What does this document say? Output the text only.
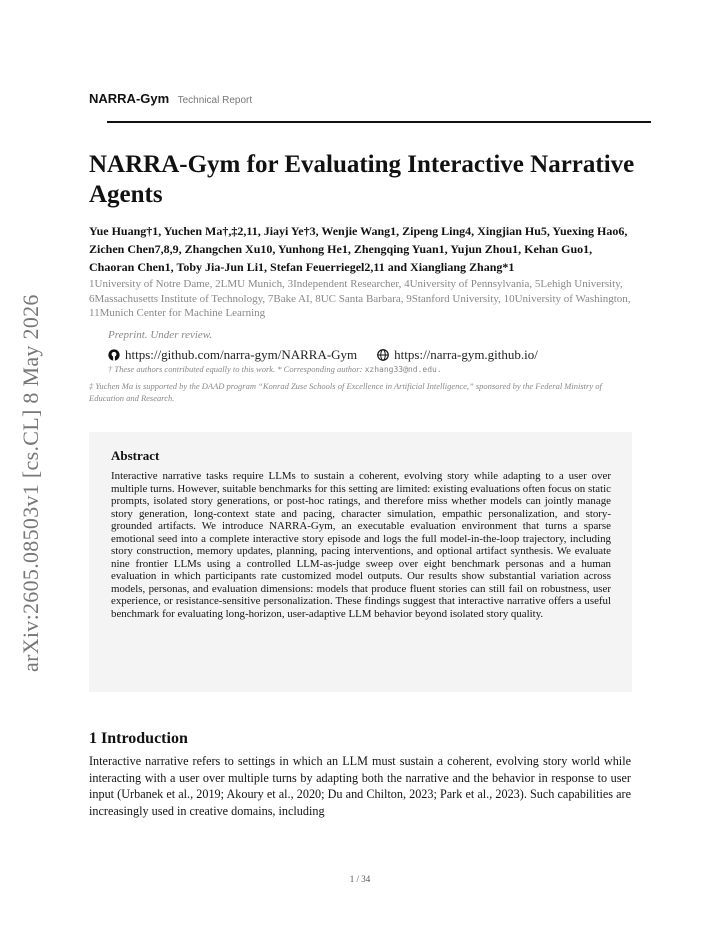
arXiv:2605.08503v1 [cs.CL] 8 May 2026
NARRA-Gym Technical Report
NARRA-Gym for Evaluating Interactive Narrative Agents

Yue Huang†1, Yuchen Ma†,‡2,11, Jiayi Ye†3, Wenjie Wang1, Zipeng Ling4, Xingjian Hu5, Yuexing Hao6, Zichen Chen7,8,9, Zhangchen Xu10, Yunhong He1, Zhengqing Yuan1, Yujun Zhou1, Kehan Guo1, Chaoran Chen1, Toby Jia-Jun Li1, Stefan Feuerriegel2,11 and Xiangliang Zhang*1

1University of Notre Dame, 2LMU Munich, 3Independent Researcher, 4University of Pennsylvania, 5Lehigh University, 6Massachusetts Institute of Technology, 7Bake AI, 8UC Santa Barbara, 9Stanford University, 10University of Washington, 11Munich Center for Machine Learning

Preprint. Under review.
https://github.com/narra-gym/NARRA-Gym	https://narra-gym.github.io/
† These authors contributed equally to this work. * Corresponding author: xzhang33@nd.edu.

‡ Yuchen Ma is supported by the DAAD program “Konrad Zuse Schools of Excellence in Artificial Intelligence,” sponsored by the Federal Ministry of Education and Research.

Abstract

Interactive narrative tasks require LLMs to sustain a coherent, evolving story while adapting to a user over multiple turns. However, suitable benchmarks for this setting are limited: existing evaluations often focus on static prompts, isolated story generations, or post-hoc ratings, and therefore miss whether models can jointly manage story generation, long-context state and pacing, character simulation, empathic personalization, and story-grounded artifacts. We introduce NARRA-Gym, an executable evaluation environment that turns a sparse emotional seed into a complete interactive story episode and logs the full model-in-the-loop trajectory, including story construction, memory updates, planning, pacing interventions, and optional artifact synthesis. We evaluate nine frontier LLMs using a controlled LLM-as-judge sweep over eight benchmark personas and a human evaluation in which participants rate customized model outputs. Our results show substantial variation across models, personas, and evaluation dimensions: models that produce fluent stories can still fail on robustness, user experience, or resistance-sensitive personalization. These findings suggest that interactive narrative offers a useful benchmark for evaluating long-horizon, user-adaptive LLM behavior beyond isolated story quality.

1 Introduction

Interactive narrative refers to settings in which an LLM must sustain a coherent, evolving story world while interacting with a user over multiple turns by adapting both the narrative and the behavior in response to user input (Urbanek et al., 2019; Akoury et al., 2020; Du and Chilton, 2023; Park et al., 2023). Such capabilities are increasingly used in creative domains, including

1 / 34
